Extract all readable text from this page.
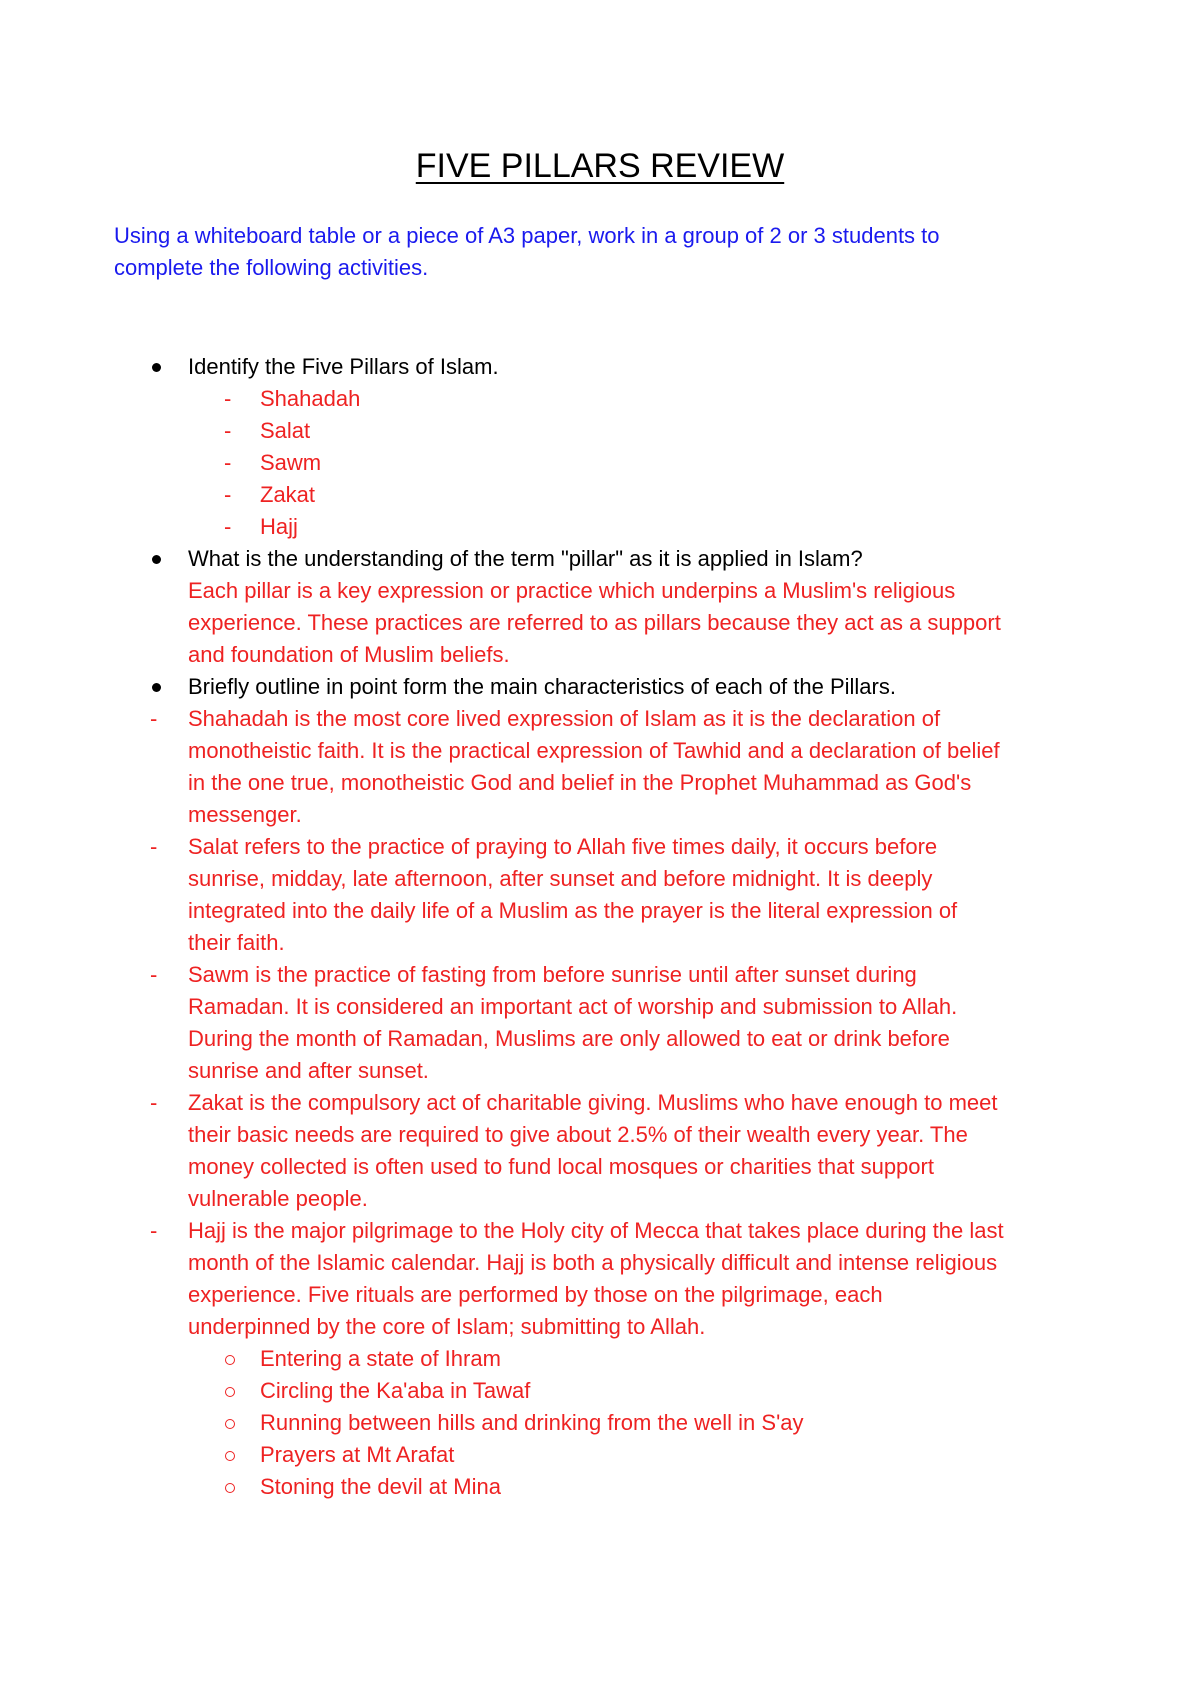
FIVE PILLARS REVIEW
Using a whiteboard table or a piece of A3 paper, work in a group of 2 or 3 students to
complete the following activities.
Identify the Five Pillars of Islam.
- Shahadah
- Salat
- Sawm
- Zakat
- Hajj
What is the understanding of the term "pillar" as it is applied in Islam?
Each pillar is a key expression or practice which underpins a Muslim's religious
experience. These practices are referred to as pillars because they act as a support
and foundation of Muslim beliefs.
Briefly outline in point form the main characteristics of each of the Pillars.
- Shahadah is the most core lived expression of Islam as it is the declaration of
monotheistic faith. It is the practical expression of Tawhid and a declaration of belief
in the one true, monotheistic God and belief in the Prophet Muhammad as God's
messenger.
- Salat refers to the practice of praying to Allah five times daily, it occurs before
sunrise, midday, late afternoon, after sunset and before midnight. It is deeply
integrated into the daily life of a Muslim as the prayer is the literal expression of
their faith.
- Sawm is the practice of fasting from before sunrise until after sunset during
Ramadan. It is considered an important act of worship and submission to Allah.
During the month of Ramadan, Muslims are only allowed to eat or drink before
sunrise and after sunset.
- Zakat is the compulsory act of charitable giving. Muslims who have enough to meet
their basic needs are required to give about 2.5% of their wealth every year. The
money collected is often used to fund local mosques or charities that support
vulnerable people.
- Hajj is the major pilgrimage to the Holy city of Mecca that takes place during the last
month of the Islamic calendar. Hajj is both a physically difficult and intense religious
experience. Five rituals are performed by those on the pilgrimage, each
underpinned by the core of Islam; submitting to Allah.
Entering a state of Ihram
Circling the Ka'aba in Tawaf
Running between hills and drinking from the well in S'ay
Prayers at Mt Arafat
Stoning the devil at Mina
